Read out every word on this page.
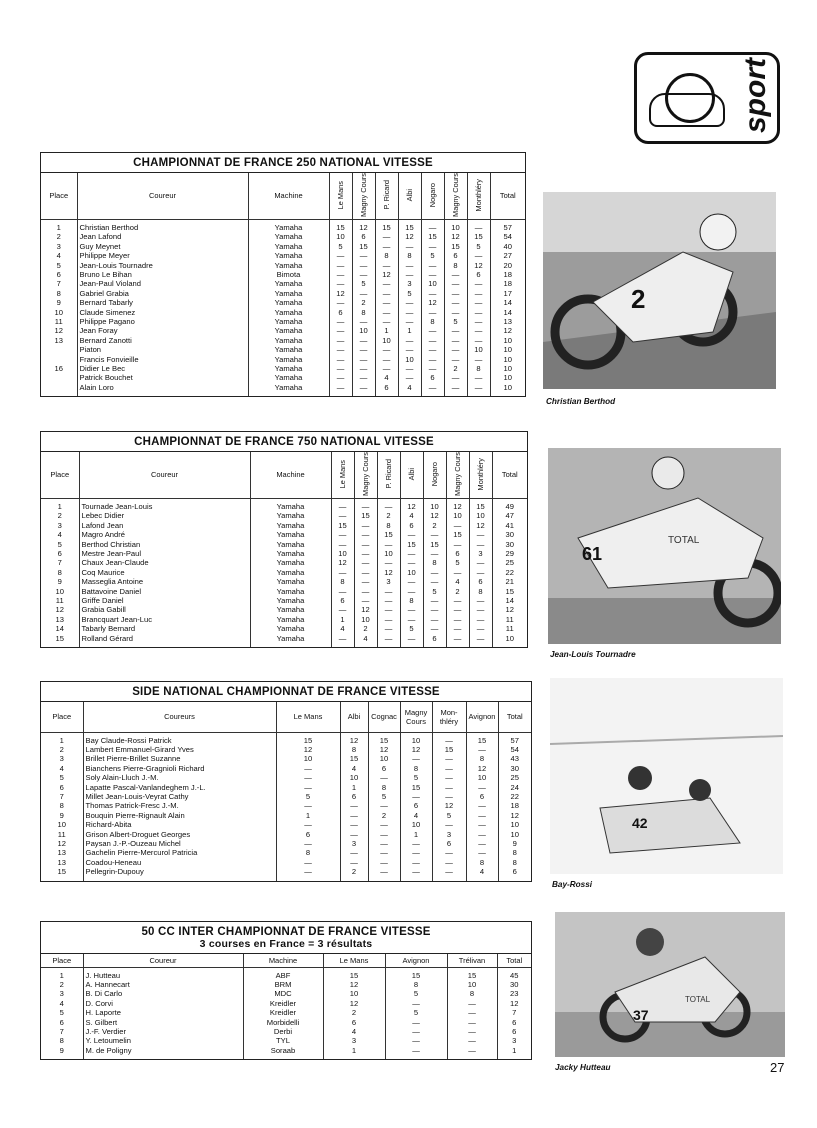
sport
CHAMPIONNAT DE FRANCE 250 NATIONAL VITESSE
Place	Coureur	Machine	Le Mans	Magny Cours	P. Ricard	Albi	Nogaro	Magny Cours	Monthléry	Total
1	Christian Berthod	Yamaha	15	12	15	15	—	10	—	57
2	Jean Lafond	Yamaha	10	6	—	12	15	12	15	54
3	Guy Meynet	Yamaha	5	15	—	—	—	15	5	40
4	Philippe Meyer	Yamaha	—	—	8	8	5	6	—	27
5	Jean-Louis Tournadre	Yamaha	—	—	—	—	—	8	12	20
6	Bruno Le Bihan	Bimota	—	—	12	—	—	—	6	18
7	Jean-Paul Violand	Yamaha	—	5	—	3	10	—	—	18
8	Gabriel Grabia	Yamaha	12	—	—	5	—	—	—	17
9	Bernard Tabarly	Yamaha	—	2	—	—	12	—	—	14
10	Claude Simenez	Yamaha	6	8	—	—	—	—	—	14
11	Philippe Pagano	Yamaha	—	—	—	—	8	5	—	13
12	Jean Foray	Yamaha	—	10	1	1	—	—	—	12
13	Bernard Zanotti	Yamaha	—	—	10	—	—	—	—	10
	Piaton	Yamaha	—	—	—	—	—	—	10	10
	Francis Fonvieille	Yamaha	—	—	—	10	—	—	—	10
16	Didier Le Bec	Yamaha	—	—	—	—	—	2	8	10
	Patrick Bouchet	Yamaha	—	—	4	—	6	—	—	10
	Alain Loro	Yamaha	—	—	6	4	—	—	—	10
CHAMPIONNAT DE FRANCE 750 NATIONAL VITESSE
Place	Coureur	Machine	Le Mans	Magny Cours	P. Ricard	Albi	Nogaro	Magny Cours	Monthléry	Total
1	Tournade Jean-Louis	Yamaha	—	—	—	12	10	12	15	49
2	Lebec Didier	Yamaha	—	15	2	4	12	10	10	47
3	Lafond Jean	Yamaha	15	—	8	6	2	—	12	41
4	Magro André	Yamaha	—	—	15	—	—	15	—	30
5	Berthod Christian	Yamaha	—	—	—	15	15	—	—	30
6	Mestre Jean-Paul	Yamaha	10	—	10	—	—	6	3	29
7	Chaux Jean-Claude	Yamaha	12	—	—	—	8	5	—	25
8	Coq Maurice	Yamaha	—	—	12	10	—	—	—	22
9	Masseglia Antoine	Yamaha	8	—	3	—	—	4	6	21
10	Battavoine Daniel	Yamaha	—	—	—	—	5	2	8	15
11	Griffe Daniel	Yamaha	6	—	—	8	—	—	—	14
12	Grabia Gabill	Yamaha	—	12	—	—	—	—	—	12
13	Brancquart Jean-Luc	Yamaha	1	10	—	—	—	—	—	11
14	Tabarly Bernard	Yamaha	4	2	—	5	—	—	—	11
15	Rolland Gérard	Yamaha	—	4	—	—	6	—	—	10
SIDE NATIONAL CHAMPIONNAT DE FRANCE VITESSE
Place	Coureurs	Le Mans	Albi	Cognac	Magny Cours	Mon-thléry	Avignon	Total
1	Bay Claude-Rossi Patrick	15	12	15	10	—	15	57
2	Lambert Emmanuel-Girard Yves	12	8	12	12	15	—	54
3	Brillet Pierre-Brillet Suzanne	10	15	10	—	—	8	43
4	Bianchens Pierre-Gragnioli Richard	—	4	6	8	—	12	30
5	Soly Alain-Lluch J.-M.	—	10	—	5	—	10	25
6	Lapatte Pascal-Vanlandeghem J.-L.	—	1	8	15	—	—	24
7	Millet Jean-Louis-Veyrat Cathy	5	6	5	—	—	6	22
8	Thomas Patrick-Fresc J.-M.	—	—	—	6	12	—	18
9	Bouquin Pierre-Rignault Alain	1	—	2	4	5	—	12
10	Richard-Abita	—	—	—	10	—	—	10
11	Grison Albert-Droguet Georges	6	—	—	1	3	—	10
12	Paysan J.-P.-Ouzeau Michel	—	3	—	—	6	—	9
13	Gachelin Pierre-Mercurol Patricia	8	—	—	—	—	—	8
13	Coadou-Heneau	—	—	—	—	—	8	8
15	Pellegrin-Dupouy	—	2	—	—	—	4	6
50 CC INTER CHAMPIONNAT DE FRANCE VITESSE
3 courses en France = 3 résultats
Place	Coureur	Machine	Le Mans	Avignon	Trélivan	Total
1	J. Hutteau	ABF	15	15	15	45
2	A. Hannecart	BRM	12	8	10	30
3	B. Di Carlo	MDC	10	5	8	23
4	D. Corvi	Kreidler	12	—	—	12
5	H. Laporte	Kreidler	2	5	—	7
6	S. Gilbert	Morbidelli	6	—	—	6
7	J.-F. Verdier	Derbi	4	—	—	6
8	Y. Letoumelin	TYL	3	—	—	3
9	M. de Poligny	Soraab	1	—	—	1
2
Christian Berthod
61
TOTAL
Jean-Louis Tournadre
42
Bay-Rossi
37
TOTAL
Jacky Hutteau	27
